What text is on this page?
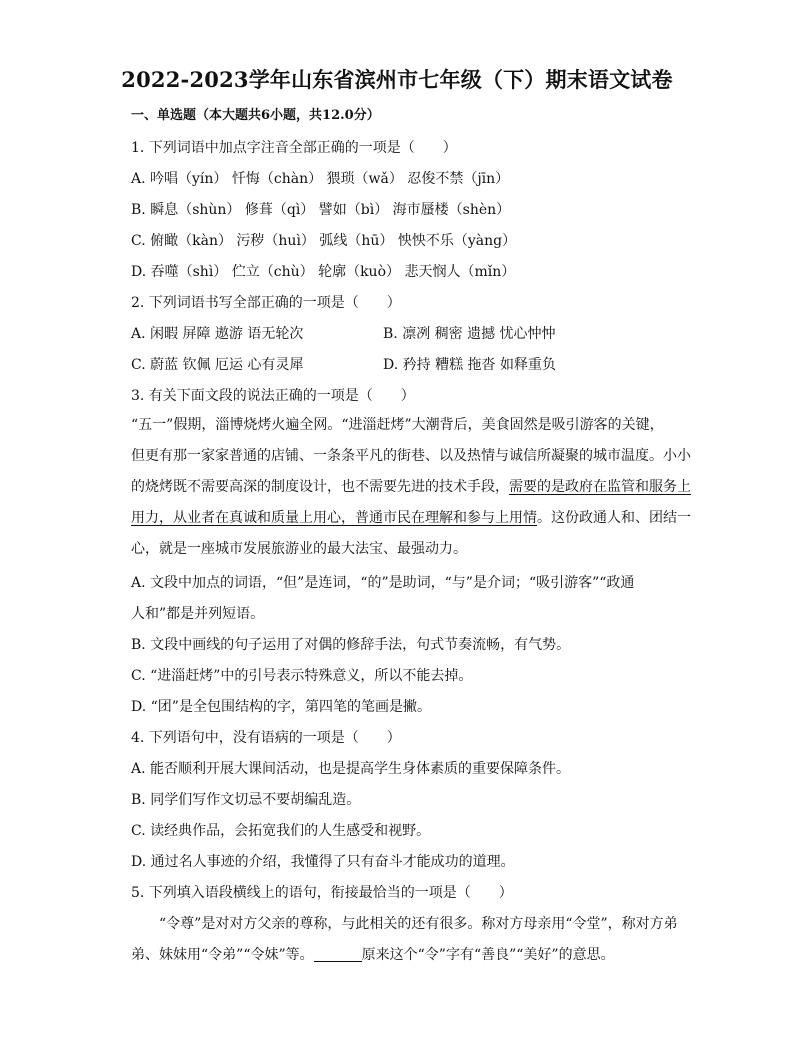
2022-2023学年山东省滨州市七年级（下）期末语文试卷
一、单选题（本大题共6小题，共12.0分）
1. 下列词语中加点字注音全部正确的一项是（　　）
A. 吟唱（yín） 忏悔（chàn） 猥琐（wǎ） 忍俊不禁（jīn）
B. 瞬息（shùn） 修葺（qì） 譬如（bì） 海市蜃楼（shèn）
C. 俯瞰（kàn） 污秽（huì） 弧线（hū） 怏怏不乐（yàng）
D. 吞噬（shì） 伫立（chù） 轮廓（kuò） 悲天悯人（mǐn）
2. 下列词语书写全部正确的一项是（　　）
A. 闲暇 屏障 遨游 语无轮次	B. 凛冽 稠密 遗撼 忧心忡忡
C. 蔚蓝 钦佩 厄运 心有灵犀	D. 矜持 糟糕 拖沓 如释重负
3. 有关下面文段的说法正确的一项是（　　）
“五一”假期，淄博烧烤火遍全网。“进淄赶烤”大潮背后，美食固然是吸引游客的关键，
但更有那一家家普通的店铺、一条条平凡的街巷、以及热情与诚信所凝聚的城市温度。小小
的烧烤既不需要高深的制度设计，也不需要先进的技术手段，需要的是政府在监管和服务上
用力，从业者在真诚和质量上用心，普通市民在理解和参与上用情。这份政通人和、团结一
心，就是一座城市发展旅游业的最大法宝、最强动力。
A. 文段中加点的词语，“但”是连词，“的”是助词，“与”是介词；“吸引游客”“政通
人和”都是并列短语。
B. 文段中画线的句子运用了对偶的修辞手法，句式节奏流畅，有气势。
C. “进淄赶烤”中的引号表示特殊意义，所以不能去掉。
D. “团”是全包围结构的字，第四笔的笔画是撇。
4. 下列语句中，没有语病的一项是（　　）
A. 能否顺利开展大课间活动，也是提高学生身体素质的重要保障条件。
B. 同学们写作文切忌不要胡编乱造。
C. 读经典作品，会拓宽我们的人生感受和视野。
D. 通过名人事迹的介绍，我懂得了只有奋斗才能成功的道理。
5. 下列填入语段横线上的语句，衔接最恰当的一项是（　　）
　　“令尊”是对对方父亲的尊称，与此相关的还有很多。称对方母亲用“令堂”，称对方弟
弟、妹妹用“令弟”“令妹”等。	原来这个“令”字有“善良”“美好”的意思。
